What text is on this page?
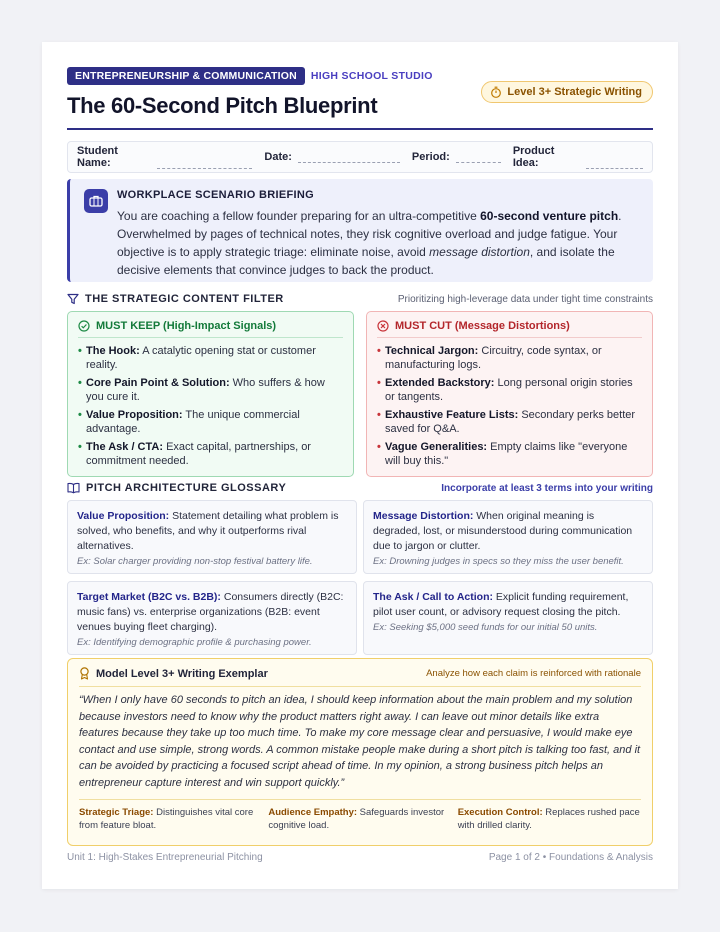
ENTREPRENEURSHIP & COMMUNICATION	HIGH SCHOOL STUDIO
The 60-Second Pitch Blueprint
Level 3+ Strategic Writing
Student Name:	Date:	Period:	Product Idea:
WORKPLACE SCENARIO BRIEFING
You are coaching a fellow founder preparing for an ultra-competitive 60-second venture pitch. Overwhelmed by pages of technical notes, they risk cognitive overload and judge fatigue. Your objective is to apply strategic triage: eliminate noise, avoid message distortion, and isolate the decisive elements that convince judges to back the product.
THE STRATEGIC CONTENT FILTER	Prioritizing high-leverage data under tight time constraints
MUST KEEP (High-Impact Signals)
• The Hook: A catalytic opening stat or customer reality.
• Core Pain Point & Solution: Who suffers & how you cure it.
• Value Proposition: The unique commercial advantage.
• The Ask / CTA: Exact capital, partnerships, or commitment needed.
MUST CUT (Message Distortions)
• Technical Jargon: Circuitry, code syntax, or manufacturing logs.
• Extended Backstory: Long personal origin stories or tangents.
• Exhaustive Feature Lists: Secondary perks better saved for Q&A.
• Vague Generalities: Empty claims like "everyone will buy this."
PITCH ARCHITECTURE GLOSSARY	Incorporate at least 3 terms into your writing
Value Proposition: Statement detailing what problem is solved, who benefits, and why it outperforms rival alternatives.
Ex: Solar charger providing non-stop festival battery life.
Message Distortion: When original meaning is degraded, lost, or misunderstood during communication due to jargon or clutter.
Ex: Drowning judges in specs so they miss the user benefit.
Target Market (B2C vs. B2B): Consumers directly (B2C: music fans) vs. enterprise organizations (B2B: event venues buying fleet charging).
Ex: Identifying demographic profile & purchasing power.
The Ask / Call to Action: Explicit funding requirement, pilot user count, or advisory request closing the pitch.
Ex: Seeking $5,000 seed funds for our initial 50 units.
Model Level 3+ Writing Exemplar	Analyze how each claim is reinforced with rationale
“When I only have 60 seconds to pitch an idea, I should keep information about the main problem and my solution because investors need to know why the product matters right away. I can leave out minor details like extra features because they take up too much time. To make my core message clear and persuasive, I would make eye contact and use simple, strong words. A common mistake people make during a short pitch is talking too fast, and it can be avoided by practicing a focused script ahead of time. In my opinion, a strong business pitch helps an entrepreneur capture interest and win support quickly.”
Strategic Triage: Distinguishes vital core from feature bloat.
Audience Empathy: Safeguards investor cognitive load.
Execution Control: Replaces rushed pace with drilled clarity.
Unit 1: High-Stakes Entrepreneurial Pitching	Page 1 of 2 • Foundations & Analysis
